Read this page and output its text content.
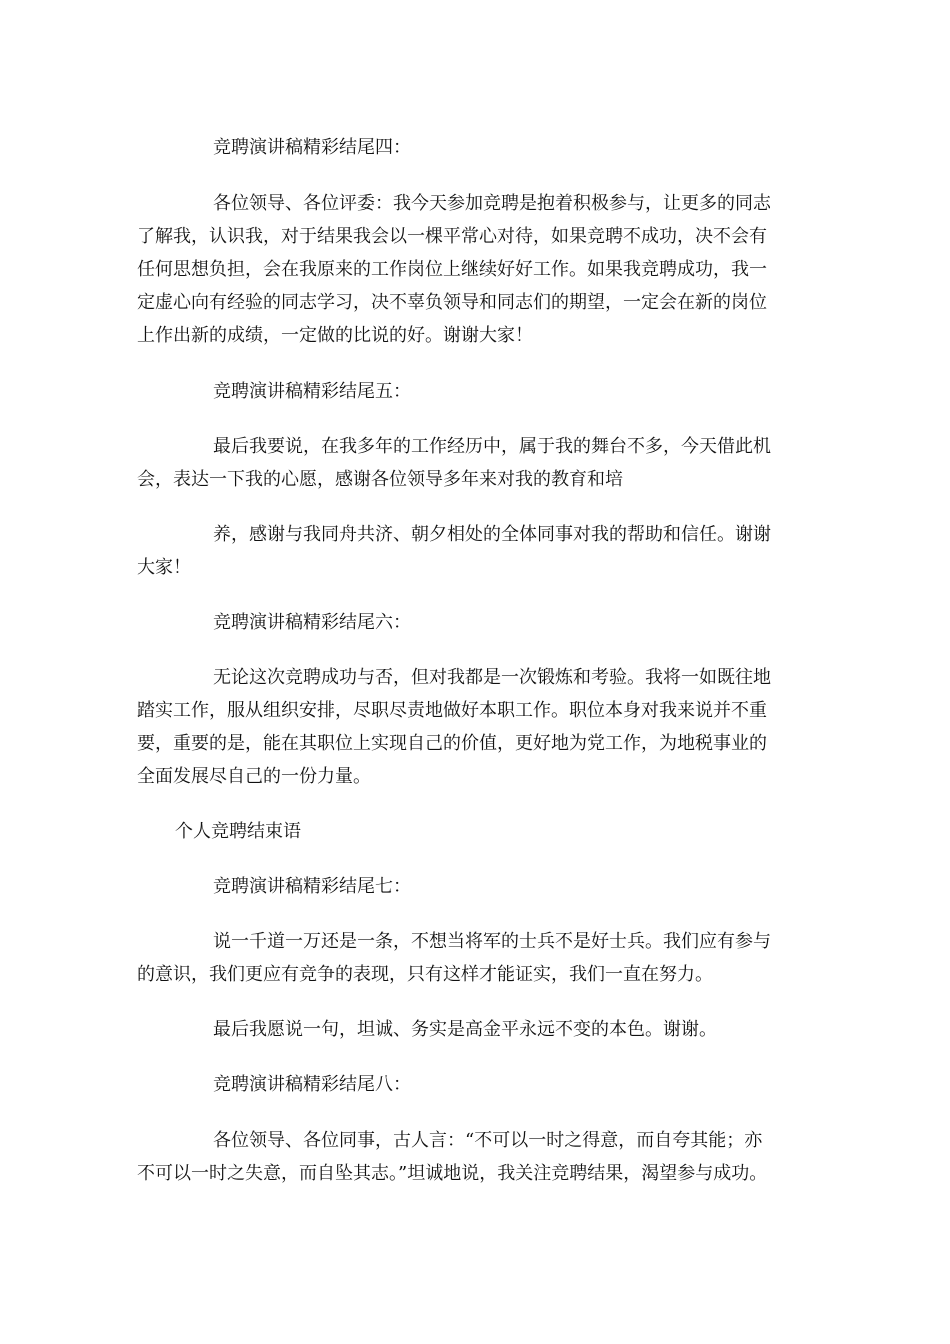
竞聘演讲稿精彩结尾四：
各位领导、各位评委：我今天参加竞聘是抱着积极参与，让更多的同志
了解我，认识我，对于结果我会以一棵平常心对待，如果竞聘不成功，决不会有
任何思想负担，会在我原来的工作岗位上继续好好工作。如果我竞聘成功，我一
定虚心向有经验的同志学习，决不辜负领导和同志们的期望，一定会在新的岗位
上作出新的成绩，一定做的比说的好。谢谢大家！
竞聘演讲稿精彩结尾五：
最后我要说，在我多年的工作经历中，属于我的舞台不多，今天借此机
会，表达一下我的心愿，感谢各位领导多年来对我的教育和培
养，感谢与我同舟共济、朝夕相处的全体同事对我的帮助和信任。谢谢
大家！
竞聘演讲稿精彩结尾六：
无论这次竞聘成功与否，但对我都是一次锻炼和考验。我将一如既往地
踏实工作，服从组织安排，尽职尽责地做好本职工作。职位本身对我来说并不重
要，重要的是，能在其职位上实现自己的价值，更好地为党工作，为地税事业的
全面发展尽自己的一份力量。
个人竞聘结束语
竞聘演讲稿精彩结尾七：
说一千道一万还是一条，不想当将军的士兵不是好士兵。我们应有参与
的意识，我们更应有竞争的表现，只有这样才能证实，我们一直在努力。
最后我愿说一句，坦诚、务实是高金平永远不变的本色。谢谢。
竞聘演讲稿精彩结尾八：
各位领导、各位同事，古人言：“不可以一时之得意，而自夸其能；亦
不可以一时之失意，而自坠其志。”坦诚地说，我关注竞聘结果，渴望参与成功。
